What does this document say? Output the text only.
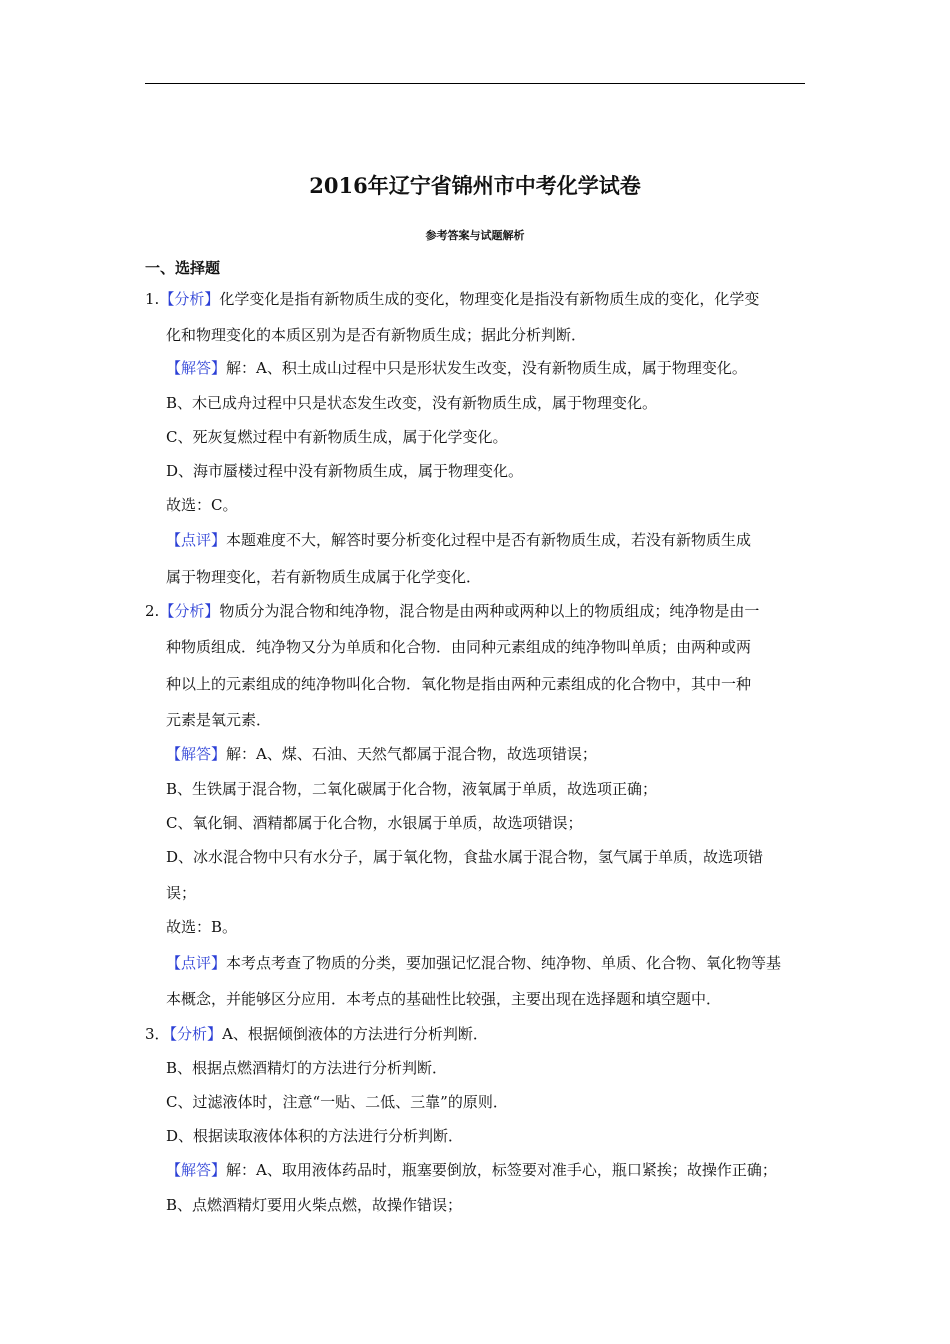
2016年辽宁省锦州市中考化学试卷
参考答案与试题解析
一、选择题
1.【分析】化学变化是指有新物质生成的变化，物理变化是指没有新物质生成的变化，化学变
化和物理变化的本质区别为是否有新物质生成；据此分析判断．
【解答】解：A、积土成山过程中只是形状发生改变，没有新物质生成，属于物理变化。
B、木已成舟过程中只是状态发生改变，没有新物质生成，属于物理变化。
C、死灰复燃过程中有新物质生成，属于化学变化。
D、海市蜃楼过程中没有新物质生成，属于物理变化。
故选：C。
【点评】本题难度不大，解答时要分析变化过程中是否有新物质生成，若没有新物质生成
属于物理变化，若有新物质生成属于化学变化．
2.【分析】物质分为混合物和纯净物，混合物是由两种或两种以上的物质组成；纯净物是由一
种物质组成．纯净物又分为单质和化合物．由同种元素组成的纯净物叫单质；由两种或两
种以上的元素组成的纯净物叫化合物．氧化物是指由两种元素组成的化合物中，其中一种
元素是氧元素．
【解答】解：A、煤、石油、天然气都属于混合物，故选项错误；
B、生铁属于混合物，二氧化碳属于化合物，液氧属于单质，故选项正确；
C、氧化铜、酒精都属于化合物，水银属于单质，故选项错误；
D、冰水混合物中只有水分子，属于氧化物，食盐水属于混合物，氢气属于单质，故选项错
误；
故选：B。
【点评】本考点考查了物质的分类，要加强记忆混合物、纯净物、单质、化合物、氧化物等基
本概念，并能够区分应用．本考点的基础性比较强，主要出现在选择题和填空题中．
3．【分析】A、根据倾倒液体的方法进行分析判断．
B、根据点燃酒精灯的方法进行分析判断．
C、过滤液体时，注意“一贴、二低、三靠”的原则．
D、根据读取液体体积的方法进行分析判断．
【解答】解：A、取用液体药品时，瓶塞要倒放，标签要对准手心，瓶口紧挨；故操作正确；
B、点燃酒精灯要用火柴点燃，故操作错误；
